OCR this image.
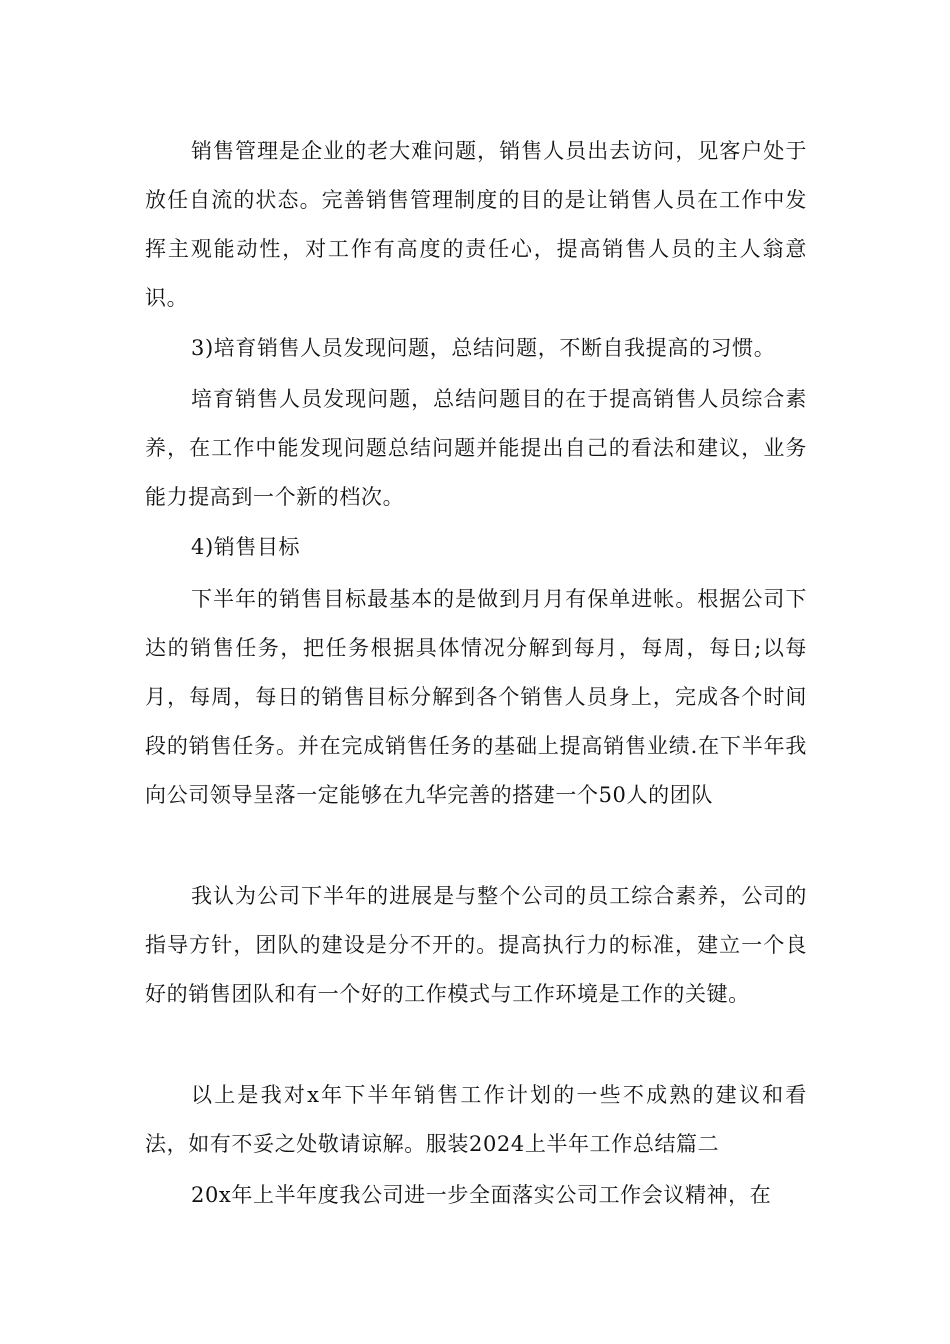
销售管理是企业的老大难问题，销售人员出去访问，见客户处于放任自流的状态。完善销售管理制度的目的是让销售人员在工作中发挥主观能动性，对工作有高度的责任心，提高销售人员的主人翁意识。

3)培育销售人员发现问题，总结问题，不断自我提高的习惯。

培育销售人员发现问题，总结问题目的在于提高销售人员综合素养，在工作中能发现问题总结问题并能提出自己的看法和建议，业务能力提高到一个新的档次。

4)销售目标

下半年的销售目标最基本的是做到月月有保单进帐。根据公司下达的销售任务，把任务根据具体情况分解到每月，每周，每日;以每月，每周，每日的销售目标分解到各个销售人员身上，完成各个时间段的销售任务。并在完成销售任务的基础上提高销售业绩.在下半年我向公司领导呈落一定能够在九华完善的搭建一个50人的团队

我认为公司下半年的进展是与整个公司的员工综合素养，公司的指导方针，团队的建设是分不开的。提高执行力的标准，建立一个良好的销售团队和有一个好的工作模式与工作环境是工作的关键。

以上是我对x年下半年销售工作计划的一些不成熟的建议和看法，如有不妥之处敬请谅解。服装2024上半年工作总结篇二

20x年上半年度我公司进一步全面落实公司工作会议精神，在
